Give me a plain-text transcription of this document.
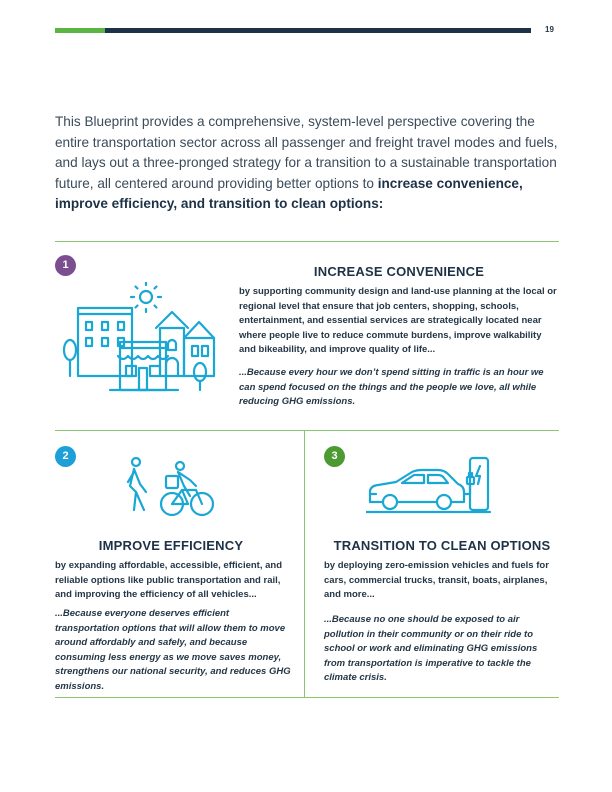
19
This Blueprint provides a comprehensive, system-level perspective covering the entire transportation sector across all passenger and freight travel modes and fuels, and lays out a three-pronged strategy for a transition to a sustainable transportation future, all centered around providing better options to increase convenience, improve efficiency, and transition to clean options:
1	INCREASE CONVENIENCE
by supporting community design and land-use planning at the local or regional level that ensure that job centers, shopping, schools, entertainment, and essential services are strategically located near where people live to reduce commute burdens, improve walkability and bikeability, and improve quality of life...
...Because every hour we don’t spend sitting in traffic is an hour we can spend focused on the things and the people we love, all while reducing GHG emissions.
2
IMPROVE EFFICIENCY
by expanding affordable, accessible, efficient, and reliable options like public transportation and rail, and improving the efficiency of all vehicles...
...Because everyone deserves efficient transportation options that will allow them to move around affordably and safely, and because consuming less energy as we move saves money, strengthens our national security, and reduces GHG emissions.
3
TRANSITION TO CLEAN OPTIONS
by deploying zero-emission vehicles and fuels for cars, commercial trucks, transit, boats, airplanes, and more...
...Because no one should be exposed to air pollution in their community or on their ride to school or work and eliminating GHG emissions from transportation is imperative to tackle the climate crisis.
